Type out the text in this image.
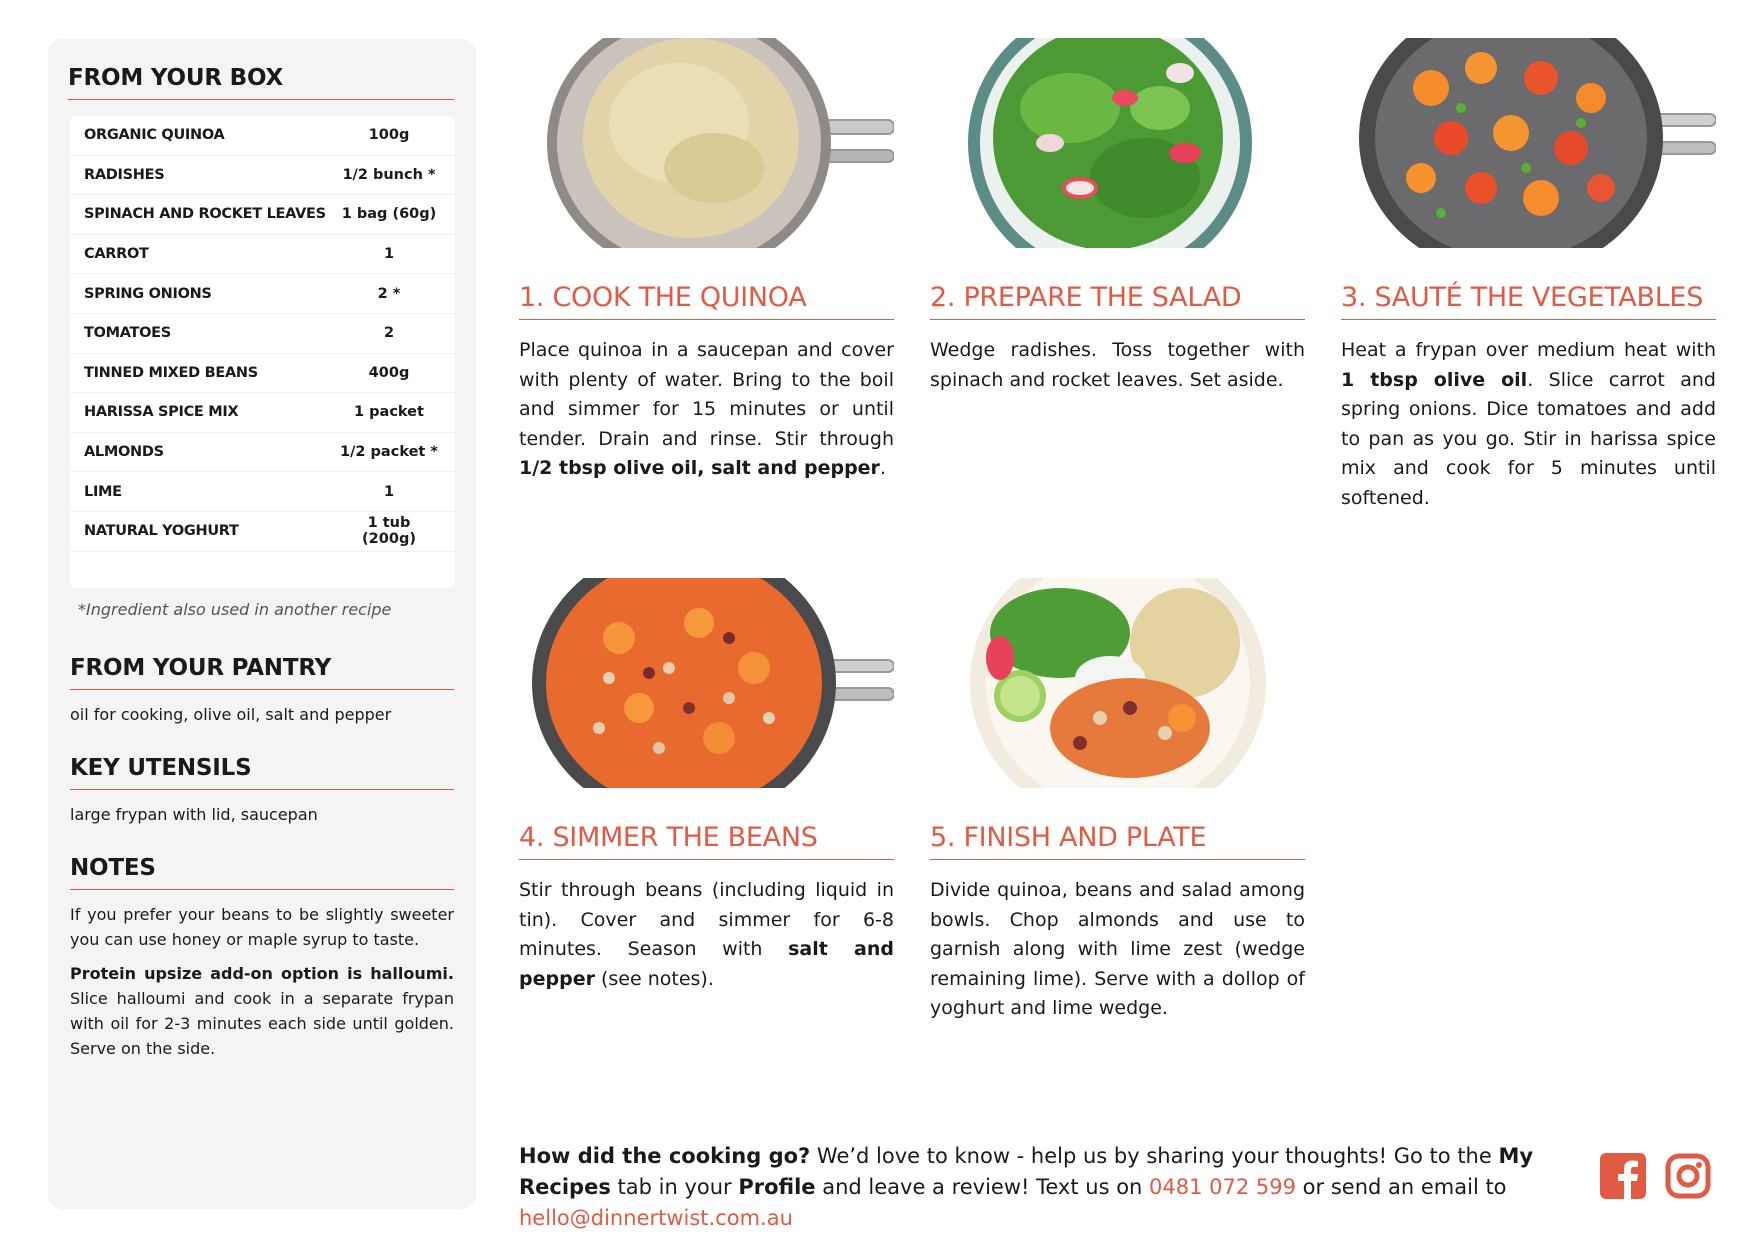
FROM YOUR BOX
ORGANIC QUINOA	100g
RADISHES	1/2 bunch *
SPINACH AND ROCKET LEAVES	1 bag (60g)
CARROT	1
SPRING ONIONS	2 *
TOMATOES	2
TINNED MIXED BEANS	400g
HARISSA SPICE MIX	1 packet
ALMONDS	1/2 packet *
LIME	1
NATURAL YOGHURT	1 tub (200g)
*Ingredient also used in another recipe
FROM YOUR PANTRY
oil for cooking, olive oil, salt and pepper
KEY UTENSILS
large frypan with lid, saucepan
NOTES

If you prefer your beans to be slightly sweeter you can use honey or maple syrup to taste.

Protein upsize add-on option is halloumi. Slice halloumi and cook in a separate frypan with oil for 2-3 minutes each side until golden. Serve on the side.

1. COOK THE QUINOA
Place quinoa in a saucepan and cover with plenty of water. Bring to the boil and simmer for 15 minutes or until tender. Drain and rinse. Stir through 1/2 tbsp olive oil, salt and pepper.
2. PREPARE THE SALAD
Wedge radishes. Toss together with spinach and rocket leaves. Set aside.
3. SAUTÉ THE VEGETABLES
Heat a frypan over medium heat with 1 tbsp olive oil. Slice carrot and spring onions. Dice tomatoes and add to pan as you go. Stir in harissa spice mix and cook for 5 minutes until softened.
4. SIMMER THE BEANS
Stir through beans (including liquid in tin). Cover and simmer for 6-8 minutes. Season with salt and pepper (see notes).
5. FINISH AND PLATE
Divide quinoa, beans and salad among bowls. Chop almonds and use to garnish along with lime zest (wedge remaining lime). Serve with a dollop of yoghurt and lime wedge.
How did the cooking go? We’d love to know - help us by sharing your thoughts! Go to the My Recipes tab in your Profile and leave a review! Text us on 0481 072 599 or send an email to hello@dinnertwist.com.au
